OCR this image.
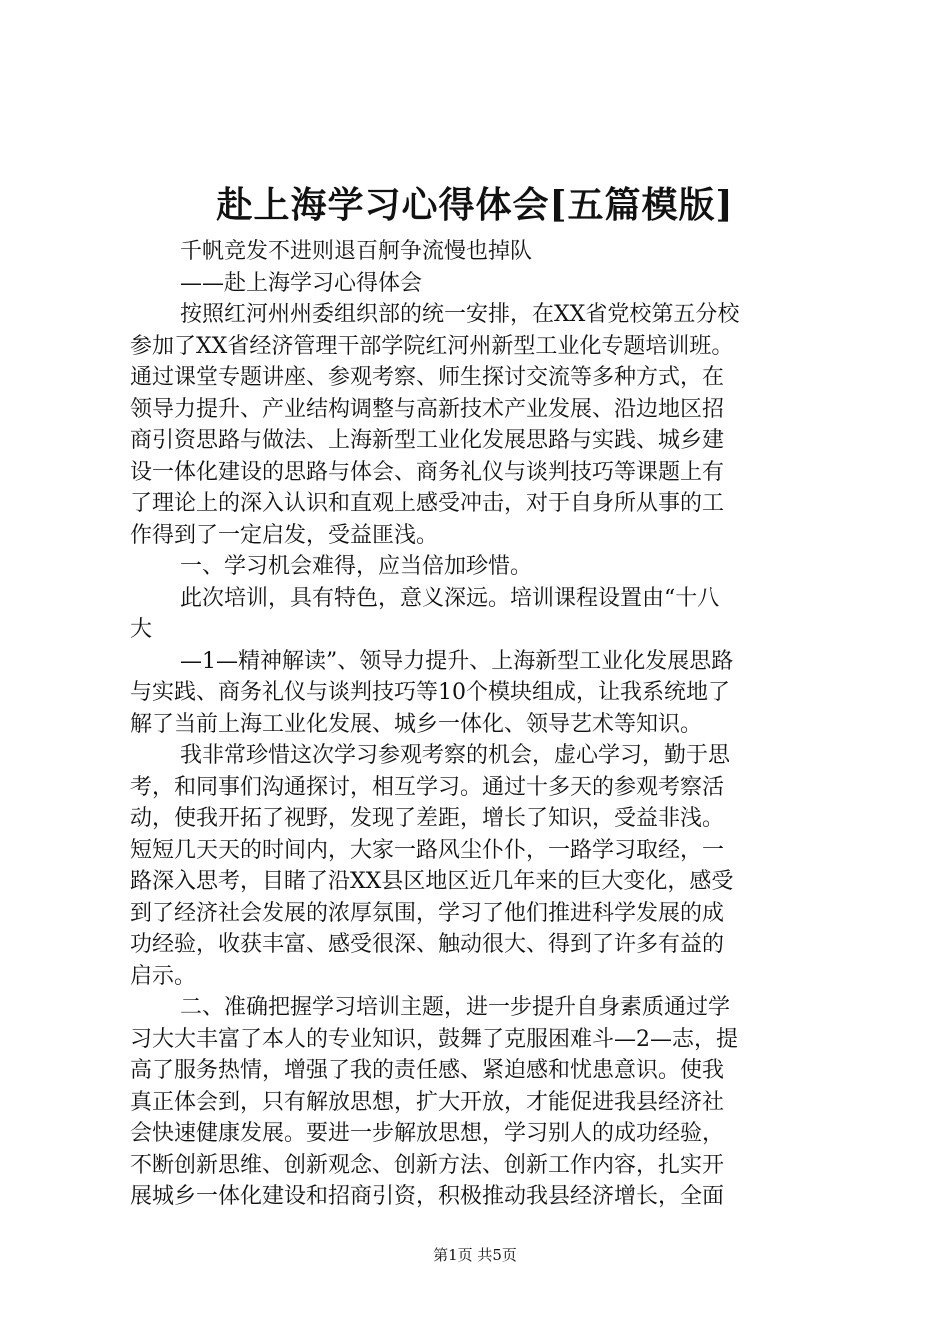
赴上海学习心得体会[五篇模版]
千帆竞发不进则退百舸争流慢也掉队
——赴上海学习心得体会
按照红河州州委组织部的统一安排，在XX省党校第五分校
参加了XX省经济管理干部学院红河州新型工业化专题培训班。
通过课堂专题讲座、参观考察、师生探讨交流等多种方式，在
领导力提升、产业结构调整与高新技术产业发展、沿边地区招
商引资思路与做法、上海新型工业化发展思路与实践、城乡建
设一体化建设的思路与体会、商务礼仪与谈判技巧等课题上有
了理论上的深入认识和直观上感受冲击，对于自身所从事的工
作得到了一定启发，受益匪浅。
一、学习机会难得，应当倍加珍惜。
此次培训，具有特色，意义深远。培训课程设置由“十八
大
—1—精神解读”、领导力提升、上海新型工业化发展思路
与实践、商务礼仪与谈判技巧等10个模块组成，让我系统地了
解了当前上海工业化发展、城乡一体化、领导艺术等知识。
我非常珍惜这次学习参观考察的机会，虚心学习，勤于思
考，和同事们沟通探讨，相互学习。通过十多天的参观考察活
动，使我开拓了视野，发现了差距，增长了知识，受益非浅。
短短几天天的时间内，大家一路风尘仆仆，一路学习取经，一
路深入思考，目睹了沿XX县区地区近几年来的巨大变化，感受
到了经济社会发展的浓厚氛围，学习了他们推进科学发展的成
功经验，收获丰富、感受很深、触动很大、得到了许多有益的
启示。
二、准确把握学习培训主题，进一步提升自身素质通过学
习大大丰富了本人的专业知识，鼓舞了克服困难斗—2—志，提
高了服务热情，增强了我的责任感、紧迫感和忧患意识。使我
真正体会到，只有解放思想，扩大开放，才能促进我县经济社
会快速健康发展。要进一步解放思想，学习别人的成功经验，
不断创新思维、创新观念、创新方法、创新工作内容，扎实开
展城乡一体化建设和招商引资，积极推动我县经济增长，全面
第1页 共5页
